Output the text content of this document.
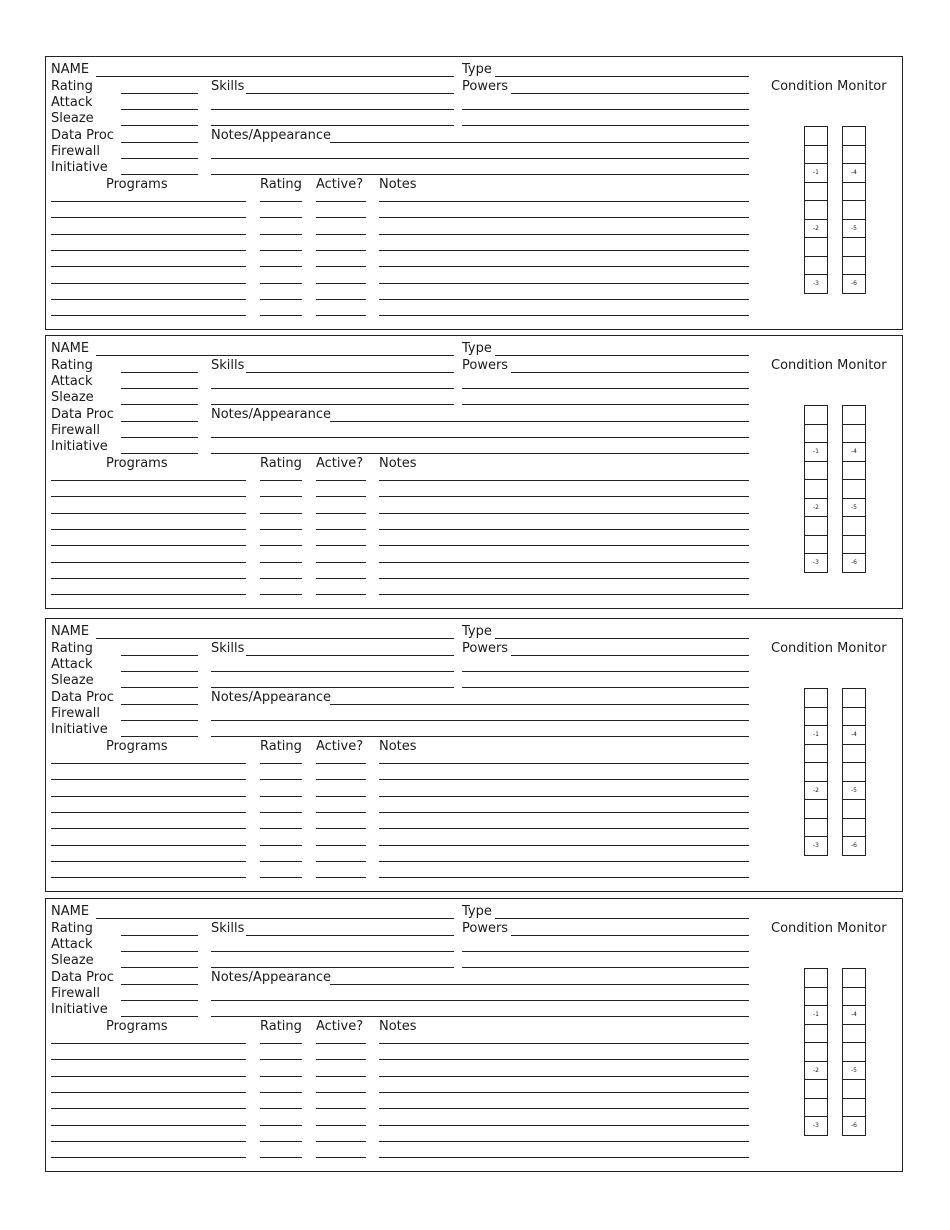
NAME	Type
Rating	Skills	Powers
Attack
Sleaze
Data Proc	Notes/Appearance
Firewall
Initiative
Programs	Rating Active? Notes
Condition Monitor
-1
-2
-3
-4
-5
-6
NAME	Type
Rating	Skills	Powers
Attack
Sleaze
Data Proc	Notes/Appearance
Firewall
Initiative
Programs	Rating Active? Notes
Condition Monitor
-1
-2
-3
-4
-5
-6
NAME	Type
Rating	Skills	Powers
Attack
Sleaze
Data Proc	Notes/Appearance
Firewall
Initiative
Programs	Rating Active? Notes
Condition Monitor
-1
-2
-3
-4
-5
-6
NAME	Type
Rating	Skills	Powers
Attack
Sleaze
Data Proc	Notes/Appearance
Firewall
Initiative
Programs	Rating Active? Notes
Condition Monitor
-1
-2
-3
-4
-5
-6
